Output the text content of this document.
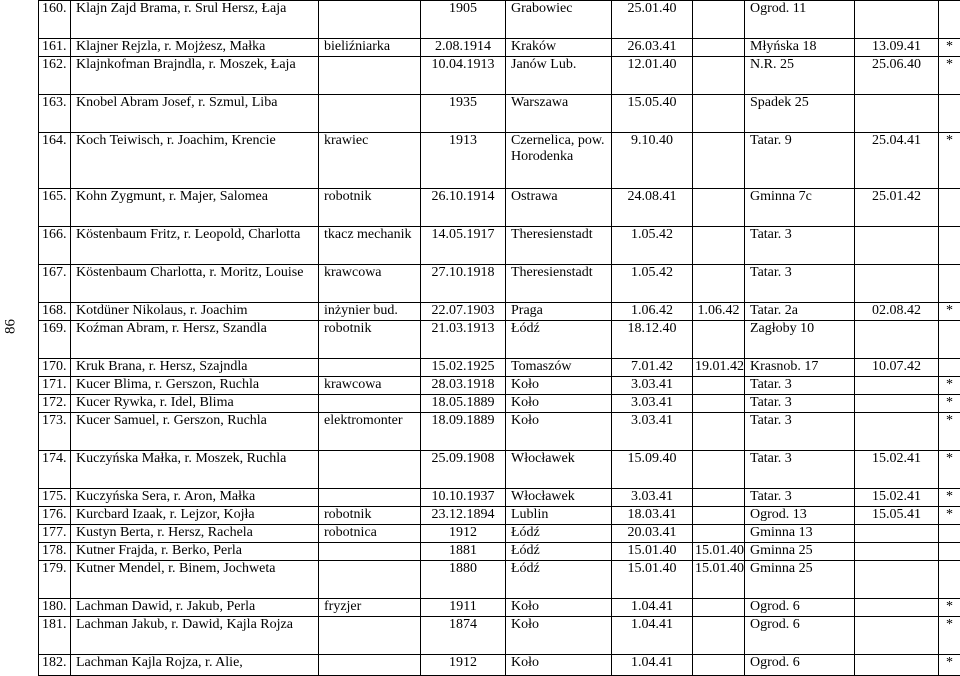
86
160.	Klajn Zajd Brama, r. Srul Hersz, Łaja		1905	Grabowiec	25.01.40		Ogrod. 11		
161.	Klajner Rejzla, r. Mojżesz, Małka	bieliźniarka	2.08.1914	Kraków	26.03.41		Młyńska 18	13.09.41	*
162.	Klajnkofman Brajndla, r. Moszek, Łaja		10.04.1913	Janów Lub.	12.01.40		N.R. 25	25.06.40	*
163.	Knobel Abram Josef, r. Szmul, Liba		1935	Warszawa	15.05.40		Spadek 25		
164.	Koch Teiwisch, r. Joachim, Krencie	krawiec	1913	Czernelica, pow. Horodenka	9.10.40		Tatar. 9	25.04.41	*
165.	Kohn Zygmunt, r. Majer, Salomea	robotnik	26.10.1914	Ostrawa	24.08.41		Gminna 7c	25.01.42	
166.	Köstenbaum Fritz, r. Leopold, Charlotta	tkacz mechanik	14.05.1917	Theresienstadt	1.05.42		Tatar. 3		
167.	Köstenbaum Charlotta, r. Moritz, Louise	krawcowa	27.10.1918	Theresienstadt	1.05.42		Tatar. 3		
168.	Kotdüner Nikolaus, r. Joachim	inżynier bud.	22.07.1903	Praga	1.06.42	1.06.42	Tatar. 2a	02.08.42	*
169.	Koźman Abram, r. Hersz, Szandla	robotnik	21.03.1913	Łódź	18.12.40		Zagłoby 10		
170.	Kruk Brana, r. Hersz, Szajndla		15.02.1925	Tomaszów	7.01.42	19.01.42	Krasnob. 17	10.07.42	
171.	Kucer Blima, r. Gerszon, Ruchla	krawcowa	28.03.1918	Koło	3.03.41		Tatar. 3		*
172.	Kucer Rywka, r. Idel, Blima		18.05.1889	Koło	3.03.41		Tatar. 3		*
173.	Kucer Samuel, r. Gerszon, Ruchla	elektromonter	18.09.1889	Koło	3.03.41		Tatar. 3		*
174.	Kuczyńska Małka, r. Moszek, Ruchla		25.09.1908	Włocławek	15.09.40		Tatar. 3	15.02.41	*
175.	Kuczyńska Sera, r. Aron, Małka		10.10.1937	Włocławek	3.03.41		Tatar. 3	15.02.41	*
176.	Kurcbard Izaak, r. Lejzor, Kojła	robotnik	23.12.1894	Lublin	18.03.41		Ogrod. 13	15.05.41	*
177.	Kustyn Berta, r. Hersz, Rachela	robotnica	1912	Łódź	20.03.41		Gminna 13		
178.	Kutner Frajda, r. Berko, Perla		1881	Łódź	15.01.40	15.01.40	Gminna 25		
179.	Kutner Mendel, r. Binem, Jochweta		1880	Łódź	15.01.40	15.01.40	Gminna 25		
180.	Lachman Dawid, r. Jakub, Perla	fryzjer	1911	Koło	1.04.41		Ogrod. 6		*
181.	Lachman Jakub, r. Dawid, Kajla Rojza		1874	Koło	1.04.41		Ogrod. 6		*
182.	Lachman Kajla Rojza, r. Alie,		1912	Koło	1.04.41		Ogrod. 6		*
